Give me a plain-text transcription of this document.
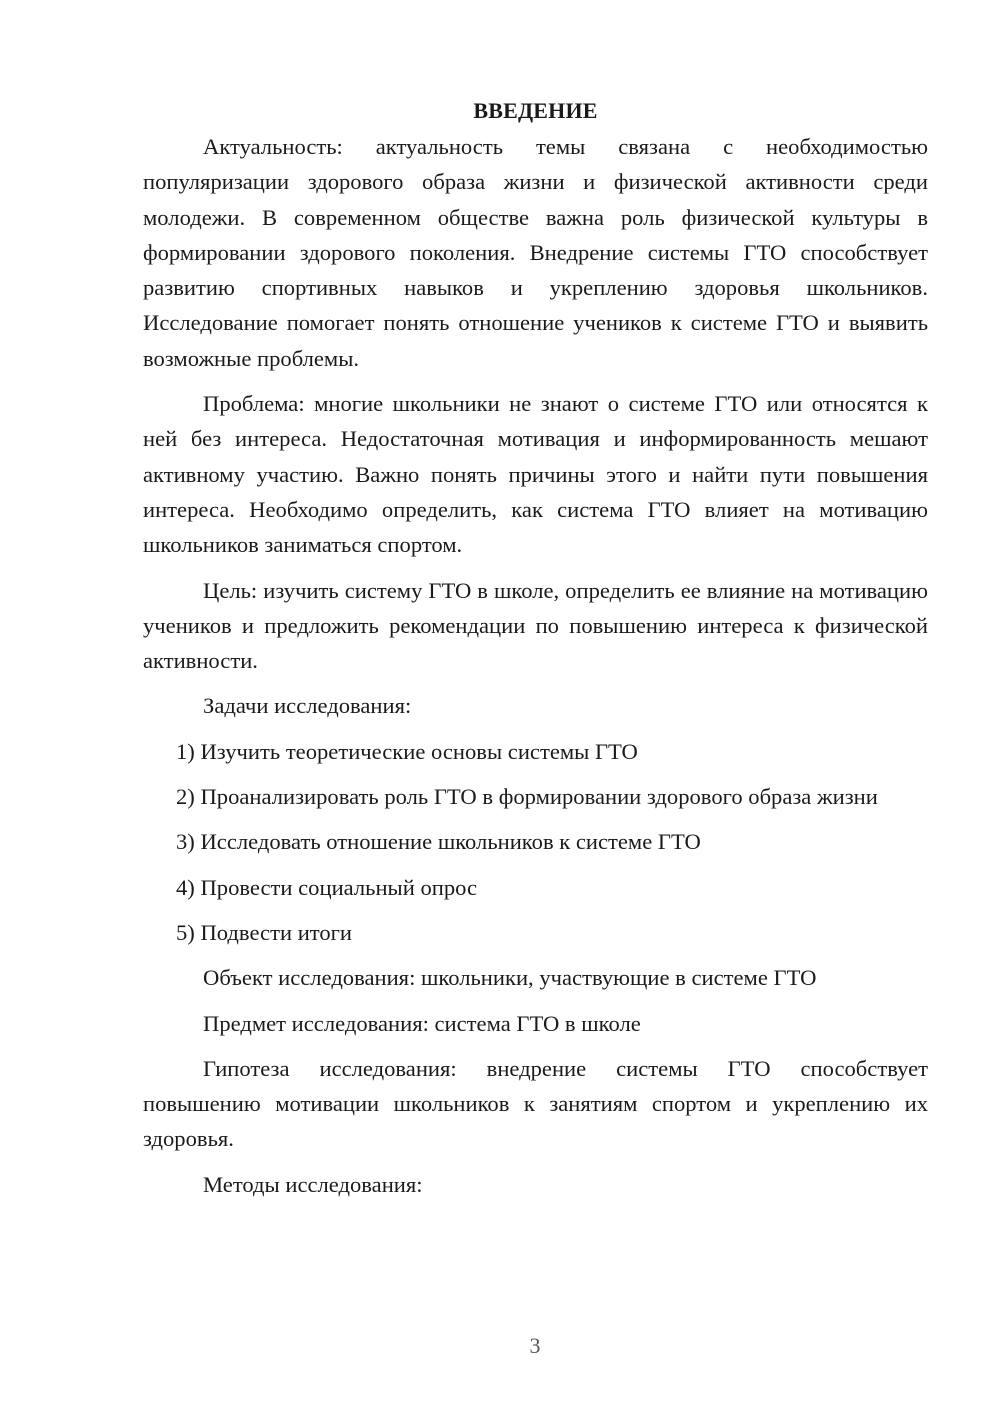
ВВЕДЕНИЕ

Актуальность: актуальность темы связана с необходимостью популяризации здорового образа жизни и физической активности среди молодежи. В современном обществе важна роль физической культуры в формировании здорового поколения. Внедрение системы ГТО способствует развитию спортивных навыков и укреплению здоровья школьников. Исследование помогает понять отношение учеников к системе ГТО и выявить возможные проблемы.

Проблема: многие школьники не знают о системе ГТО или относятся к ней без интереса. Недостаточная мотивация и информированность мешают активному участию. Важно понять причины этого и найти пути повышения интереса. Необходимо определить, как система ГТО влияет на мотивацию школьников заниматься спортом.

Цель: изучить систему ГТО в школе, определить ее влияние на мотивацию учеников и предложить рекомендации по повышению интереса к физической активности.

Задачи исследования:

1) Изучить теоретические основы системы ГТО

2) Проанализировать роль ГТО в формировании здорового образа жизни

3) Исследовать отношение школьников к системе ГТО

4) Провести социальный опрос

5) Подвести итоги

Объект исследования: школьники, участвующие в системе ГТО

Предмет исследования: система ГТО в школе

Гипотеза исследования: внедрение системы ГТО способствует повышению мотивации школьников к занятиям спортом и укреплению их здоровья.

Методы исследования:

3
